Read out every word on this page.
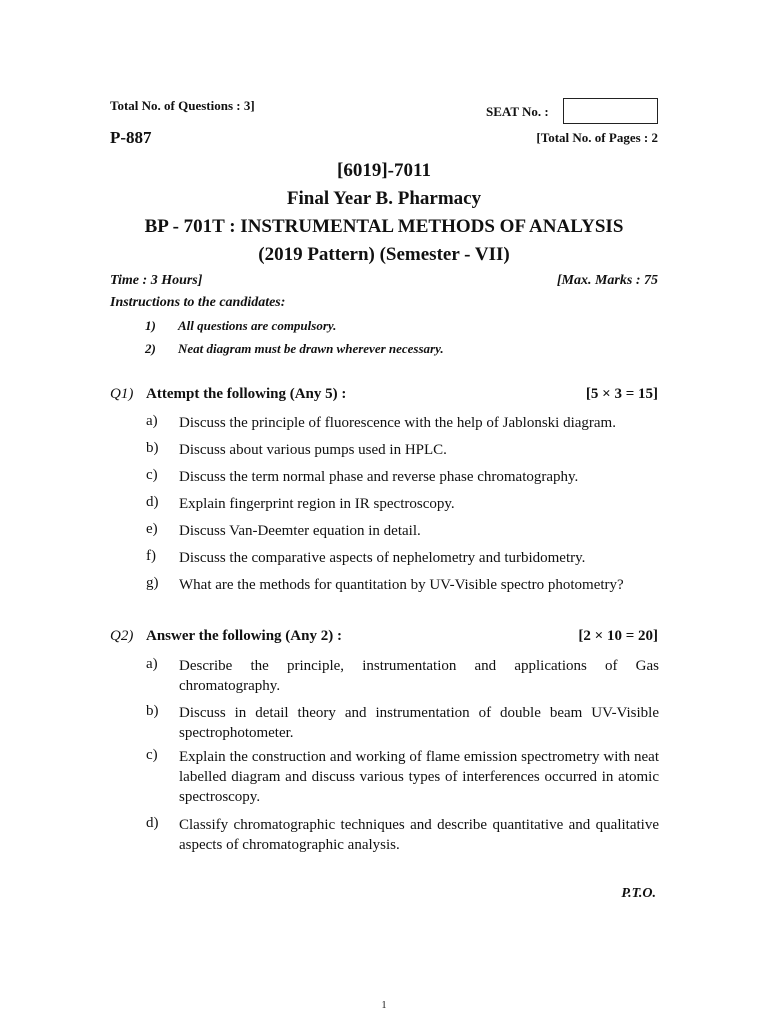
Total No. of Questions : 3]	SEAT No. :
P-887	[Total No. of Pages : 2
[6019]-7011
Final Year B. Pharmacy
BP - 701T : INSTRUMENTAL METHODS OF ANALYSIS
(2019 Pattern) (Semester - VII)
Time : 3 Hours]	[Max. Marks : 75
Instructions to the candidates:
1) All questions are compulsory.
2) Neat diagram must be drawn wherever necessary.
Q1) Attempt the following (Any 5) :	[5 × 3 = 15]
a) Discuss the principle of fluorescence with the help of Jablonski diagram.
b) Discuss about various pumps used in HPLC.
c) Discuss the term normal phase and reverse phase chromatography.
d) Explain fingerprint region in IR spectroscopy.
e) Discuss Van-Deemter equation in detail.
f) Discuss the comparative aspects of nephelometry and turbidometry.
g) What are the methods for quantitation by UV-Visible spectro photometry?
Q2) Answer the following (Any 2) :	[2 × 10 = 20]
a) Describe the principle, instrumentation and applications of Gas chromatography.
b) Discuss in detail theory and instrumentation of double beam UV-Visible spectrophotometer.
c) Explain the construction and working of flame emission spectrometry with neat labelled diagram and discuss various types of interferences occurred in atomic spectroscopy.
d) Classify chromatographic techniques and describe quantitative and qualitative aspects of chromatographic analysis.
P.T.O.
1
